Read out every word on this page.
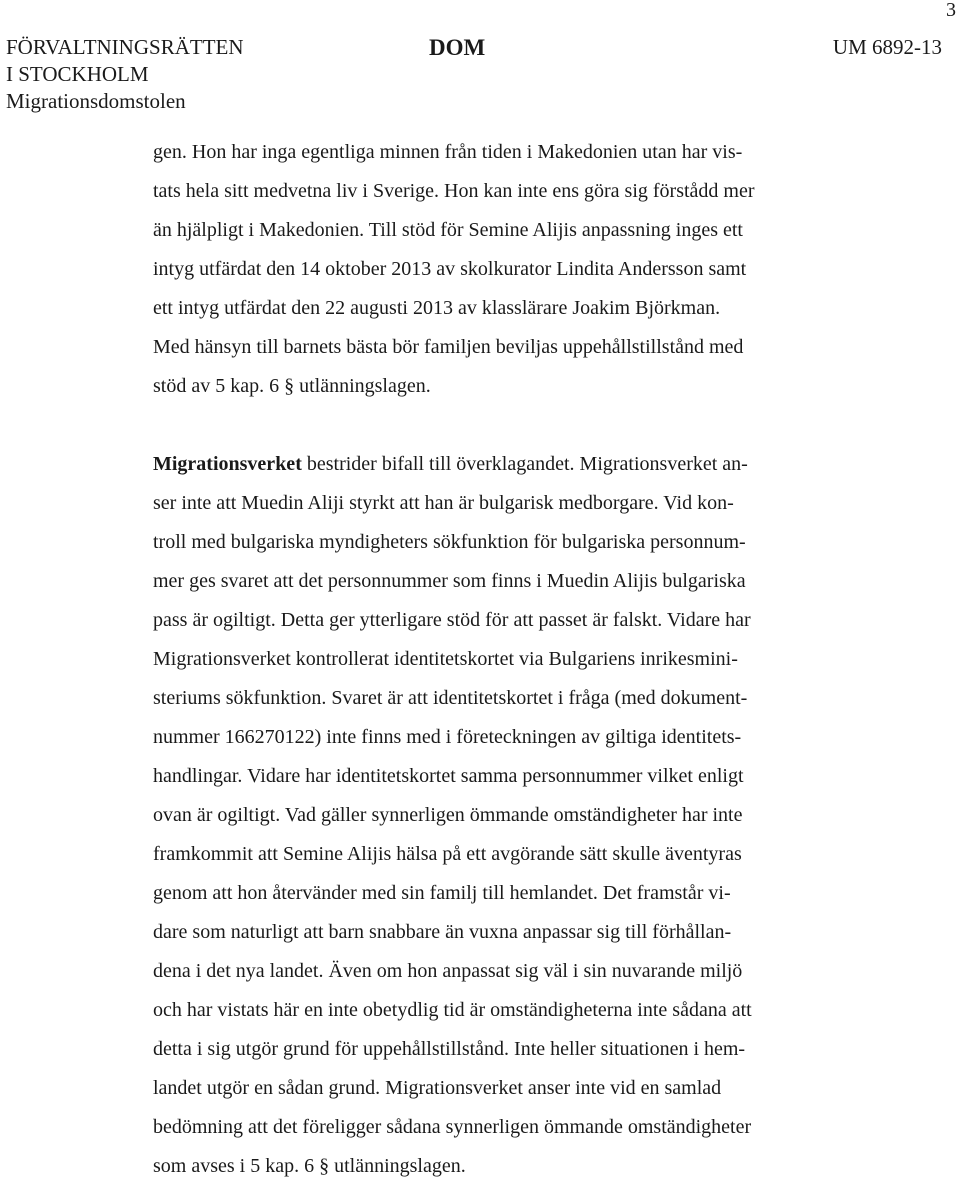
3
FÖRVALTNINGSRÄTTEN
I STOCKHOLM
Migrationsdomstolen
DOM	UM 6892-13
gen. Hon har inga egentliga minnen från tiden i Makedonien utan har vis-
tats hela sitt medvetna liv i Sverige. Hon kan inte ens göra sig förstådd mer
än hjälpligt i Makedonien. Till stöd för Semine Alijis anpassning inges ett
intyg utfärdat den 14 oktober 2013 av skolkurator Lindita Andersson samt
ett intyg utfärdat den 22 augusti 2013 av klasslärare Joakim Björkman.
Med hänsyn till barnets bästa bör familjen beviljas uppehållstillstånd med
stöd av 5 kap. 6 § utlänningslagen.
Migrationsverket bestrider bifall till överklagandet. Migrationsverket an-
ser inte att Muedin Aliji styrkt att han är bulgarisk medborgare. Vid kon-
troll med bulgariska myndigheters sökfunktion för bulgariska personnum-
mer ges svaret att det personnummer som finns i Muedin Alijis bulgariska
pass är ogiltigt. Detta ger ytterligare stöd för att passet är falskt. Vidare har
Migrationsverket kontrollerat identitetskortet via Bulgariens inrikesmini-
steriums sökfunktion. Svaret är att identitetskortet i fråga (med dokument-
nummer 166270122) inte finns med i företeckningen av giltiga identitets-
handlingar. Vidare har identitetskortet samma personnummer vilket enligt
ovan är ogiltigt. Vad gäller synnerligen ömmande omständigheter har inte
framkommit att Semine Alijis hälsa på ett avgörande sätt skulle äventyras
genom att hon återvänder med sin familj till hemlandet. Det framstår vi-
dare som naturligt att barn snabbare än vuxna anpassar sig till förhållan-
dena i det nya landet. Även om hon anpassat sig väl i sin nuvarande miljö
och har vistats här en inte obetydlig tid är omständigheterna inte sådana att
detta i sig utgör grund för uppehållstillstånd. Inte heller situationen i hem-
landet utgör en sådan grund. Migrationsverket anser inte vid en samlad
bedömning att det föreligger sådana synnerligen ömmande omständigheter
som avses i 5 kap. 6 § utlänningslagen.
